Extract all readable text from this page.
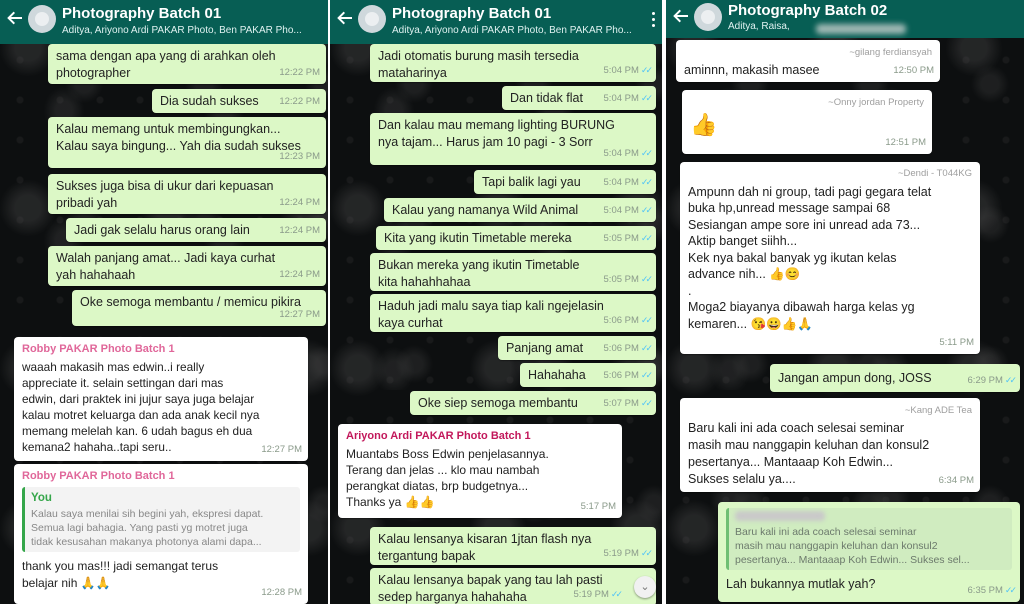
Photography Batch 01
Aditya, Ariyono Ardi PAKAR Photo, Ben PAKAR Pho...
sama dengan apa yang di arahkan oleh
photographer	12:22 PM
Dia sudah sukses	12:22 PM
Kalau memang untuk membingungkan...
Kalau saya bingung... Yah dia sudah sukses
12:23 PM
Sukses juga bisa di ukur dari kepuasan
pribadi yah	12:24 PM
Jadi gak selalu harus orang lain	12:24 PM
Walah panjang amat... Jadi kaya curhat
yah hahahaah	12:24 PM
Oke semoga membantu / memicu pikira
12:27 PM
Robby PAKAR Photo Batch 1
waaah makasih mas edwin..i really
appreciate it. selain settingan dari mas
edwin, dari praktek ini jujur saya juga belajar
kalau motret keluarga dan ada anak kecil nya
memang melelah kan. 6 udah bagus eh dua
kemana2 hahaha..tapi seru..	12:27 PM
Robby PAKAR Photo Batch 1
You
Kalau saya menilai sih begini yah, ekspresi dapat.
Semua lagi bahagia. Yang pasti yg motret juga
tidak kesusahan makanya photonya alami dapa...
thank you mas!!! jadi semangat terus
belajar nih 🙏🙏
12:28 PM
Photography Batch 01
Aditya, Ariyono Ardi PAKAR Photo, Ben PAKAR Pho...
Jadi otomatis burung masih tersedia
mataharinya	5:04 PM ✓✓
Dan tidak flat	5:04 PM ✓✓
Dan kalau mau memang lighting BURUNG
nya tajam... Harus jam 10 pagi - 3 Sorr
5:04 PM ✓✓
Tapi balik lagi yau	5:04 PM ✓✓
Kalau yang namanya Wild Animal	5:04 PM ✓✓
Kita yang ikutin Timetable mereka	5:05 PM ✓✓
Bukan mereka yang ikutin Timetable
kita hahahhahaa	5:05 PM ✓✓
Haduh jadi malu saya tiap kali ngejelasin
kaya curhat	5:06 PM ✓✓
Panjang amat	5:06 PM ✓✓
Hahahaha	5:06 PM ✓✓
Oke siep semoga membantu	5:07 PM ✓✓
Ariyono Ardi PAKAR Photo Batch 1
Muantabs Boss Edwin penjelasannya.
Terang dan jelas ... klo mau nambah
perangkat diatas, brp budgetnya...
Thanks ya 👍👍	5:17 PM
Kalau lensanya kisaran 1jtan flash nya
tergantung bapak	5:19 PM ✓✓
Kalau lensanya bapak yang tau lah pasti
sedep harganya hahahaha	5:19 PM ✓✓
⌄
Photography Batch 02
Aditya, Raisa,
~gilang ferdiansyah
aminnn, makasih masee	12:50 PM
~Onny jordan Property
👍
12:51 PM
~Dendi - T044KG
Ampunn dah ni group, tadi pagi gegara telat
buka hp,unread message sampai 68
Sesiangan ampe sore ini unread ada 73...
Aktip banget siihh...
Kek nya bakal banyak yg ikutan kelas
advance nih... 👍😊
.
Moga2 biayanya dibawah harga kelas yg
kemaren... 😘😀👍🙏
5:11 PM
Jangan ampun dong, JOSS	6:29 PM ✓✓
~Kang ADE Tea
Baru kali ini ada coach selesai seminar
masih mau nanggapin keluhan dan konsul2
pesertanya... Mantaaap Koh Edwin...
Sukses selalu ya....	6:34 PM
Baru kali ini ada coach selesai seminar
masih mau nanggapin keluhan dan konsul2
pesertanya... Mantaaap Koh Edwin... Sukses sel...
Lah bukannya mutlak yah?	6:35 PM ✓✓
